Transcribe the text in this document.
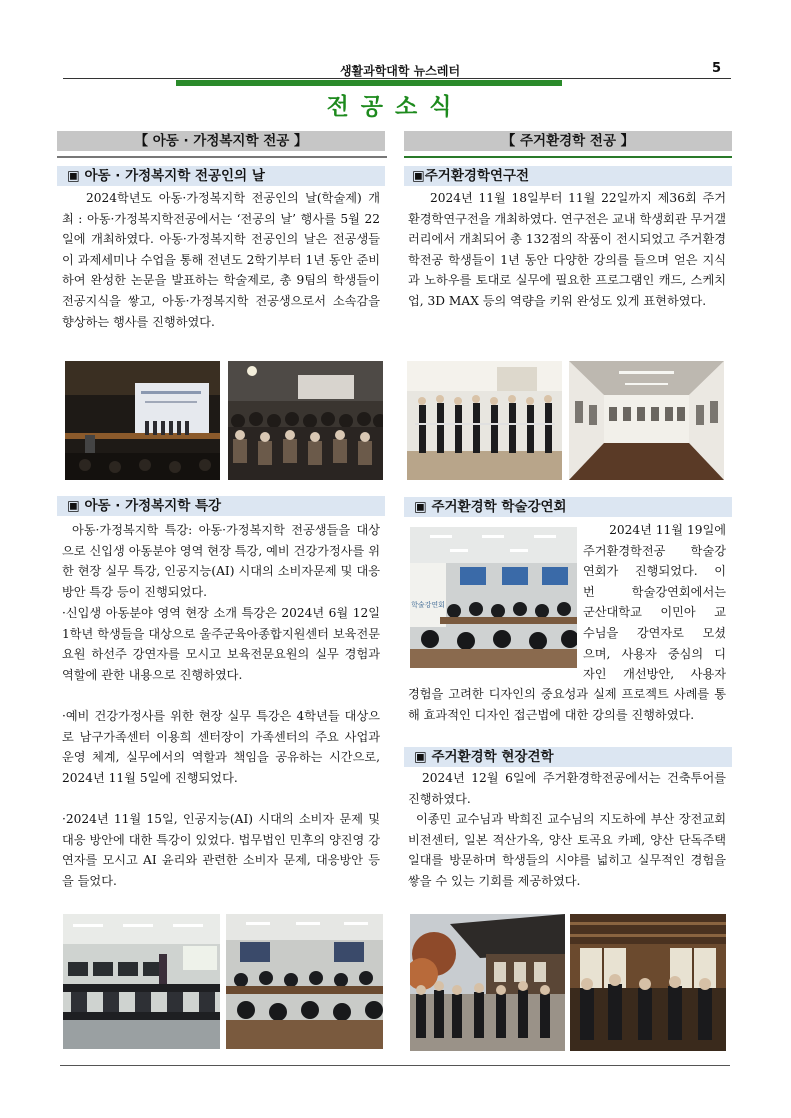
생활과학대학 뉴스레터	5
전공소식
【 아동 · 가정복지학 전공 】	【 주거환경학 전공 】
▣ 아동 · 가정복지학 전공인의 날

2024학년도 아동·가정복지학 전공인의 날(학술제) 개최 : 아동·가정복지학전공에서는 ‘전공의 날’ 행사를 5월 22일에 개최하였다. 아동·가정복지학 전공인의 날은 전공생들이 과제세미나 수업을 통해 전년도 2학기부터 1년 동안 준비하여 완성한 논문을 발표하는 학술제로, 총 9팀의 학생들이 전공지식을 쌓고, 아동·가정복지학 전공생으로서 소속감을 향상하는 행사를 진행하였다.

▣ 아동 · 가정복지학 특강

아동·가정복지학 특강: 아동·가정복지학 전공생들을 대상으로 신입생 아동분야 영역 현장 특강, 예비 건강가정사를 위한 현장 실무 특강, 인공지능(AI) 시대의 소비자문제 및 대응방안 특강 등이 진행되었다.

·신입생 아동분야 영역 현장 소개 특강은 2024년 6월 12일 1학년 학생들을 대상으로 울주군육아종합지원센터 보육전문요원 하선주 강연자를 모시고 보육전문요원의 실무 경험과 역할에 관한 내용으로 진행하였다.

·예비 건강가정사를 위한 현장 실무 특강은 4학년들 대상으로 남구가족센터 이용희 센터장이 가족센터의 주요 사업과 운영 체계, 실무에서의 역할과 책임을 공유하는 시간으로, 2024년 11월 5일에 진행되었다.

·2024년 11월 15일, 인공지능(AI) 시대의 소비자 문제 및 대응 방안에 대한 특강이 있었다. 법무법인 민후의 양진영 강연자를 모시고 AI 윤리와 관련한 소비자 문제, 대응방안 등을 들었다.

▣주거환경학연구전

2024년 11월 18일부터 11월 22일까지 제36회 주거환경학연구전을 개최하였다. 연구전은 교내 학생회관 무거갤러리에서 개최되어 총 132점의 작품이 전시되었고 주거환경학전공 학생들이 1년 동안 다양한 강의를 들으며 얻은 지식과 노하우를 토대로 실무에 필요한 프로그램인 캐드, 스케치업, 3D MAX 등의 역량을 키워 완성도 있게 표현하였다.

▣ 주거환경학 학술강연회
학술강연회
2024년 11월 19일에
주거환경학전공 학술강
연회가 진행되었다. 이
번 학술강연회에서는
군산대학교 이민아 교
수님을 강연자로 모셨
으며, 사용자 중심의 디
자인 개선방안, 사용자

경험을 고려한 디자인의 중요성과 실제 프로젝트 사례를 통해 효과적인 디자인 접근법에 대한 강의를 진행하였다.

▣ 주거환경학 현장견학

2024년 12월 6일에 주거환경학전공에서는 건축투어를 진행하였다.

이종민 교수님과 박희진 교수님의 지도하에 부산 장전교회 비전센터, 일본 적산가옥, 양산 토곡요 카페, 양산 단독주택 일대를 방문하며 학생들의 시야를 넓히고 실무적인 경험을 쌓을 수 있는 기회를 제공하였다.
